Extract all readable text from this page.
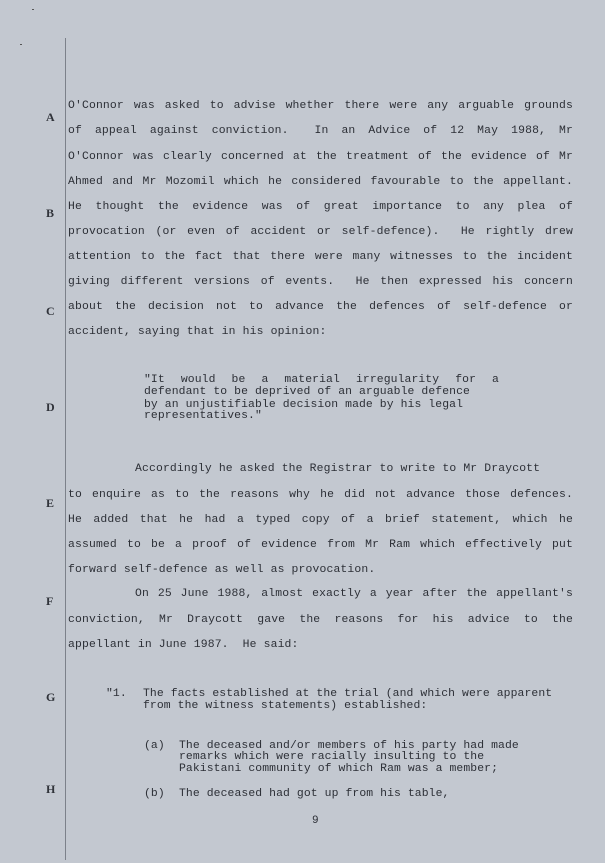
A
B
C
D
E
F
G
H
O'Connor was asked to advise whether there were any arguable grounds
of appeal against conviction.  In an Advice of 12 May 1988, Mr
O'Connor was clearly concerned at the treatment of the evidence of Mr
Ahmed and Mr Mozomil which he considered favourable to the appellant.
He thought the evidence was of great importance to any plea of
provocation (or even of accident or self-defence).  He rightly drew
attention to the fact that there were many witnesses to the incident
giving different versions of events.  He then expressed his concern
about the decision not to advance the defences of self-defence or
accident, saying that in his opinion:
"It would be a material irregularity for a
defendant to be deprived of an arguable defence
by an unjustifiable decision made by his legal
representatives."
Accordingly he asked the Registrar to write to Mr Draycott
to enquire as to the reasons why he did not advance those defences.
He added that he had a typed copy of a brief statement, which he
assumed to be a proof of evidence from Mr Ram which effectively put
forward self-defence as well as provocation.
On 25 June 1988, almost exactly a year after the appellant's
conviction, Mr Draycott gave the reasons for his advice to the
appellant in June 1987.  He said:
"1. The facts established at the trial (and which were apparent
from the witness statements) established:
(a) The deceased and/or members of his party had made
remarks which were racially insulting to the
Pakistani community of which Ram was a member;
(b) The deceased had got up from his table,
9
